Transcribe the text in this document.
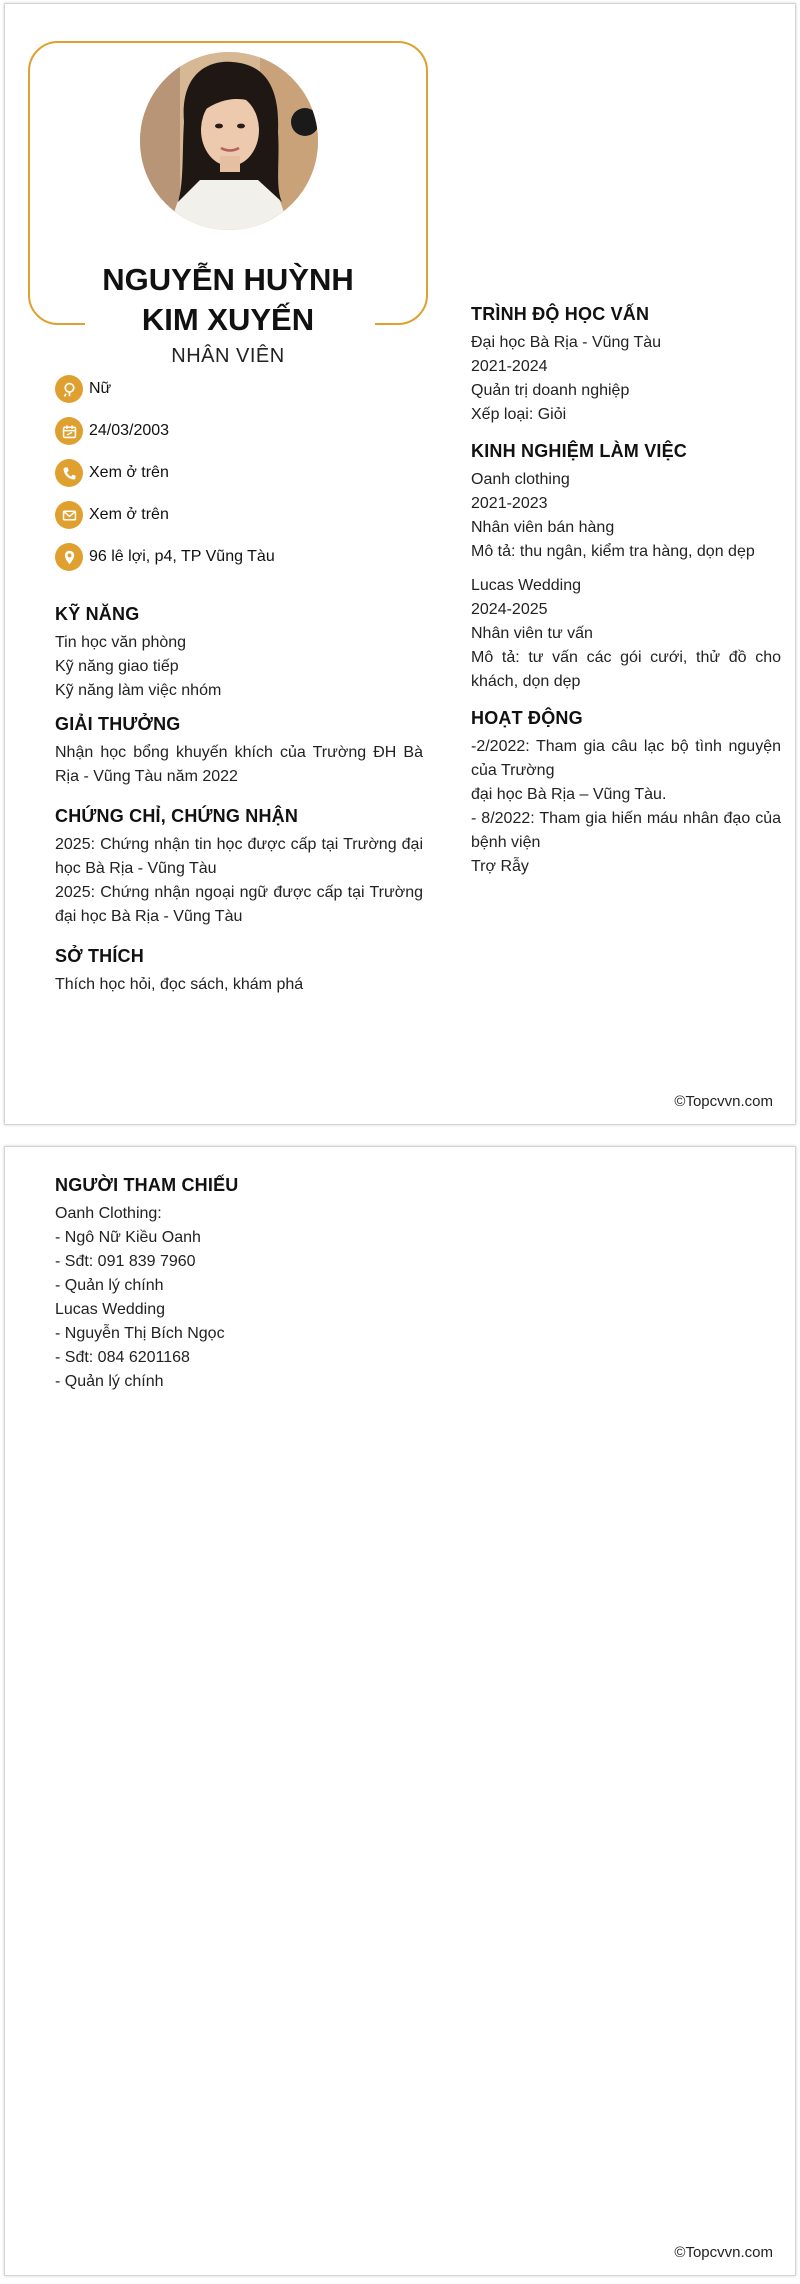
NGUYỄN HUỲNH
KIM XUYẾN
NHÂN VIÊN
Nữ
24/03/2003
Xem ở trên
Xem ở trên
96 lê lợi, p4, TP Vũng Tàu
KỸ NĂNG

Tin học văn phòng

Kỹ năng giao tiếp

Kỹ năng làm việc nhóm

GIẢI THƯỞNG

Nhận học bổng khuyến khích của Trường ĐH Bà Rịa - Vũng Tàu năm 2022

CHỨNG CHỈ, CHỨNG NHẬN

2025: Chứng nhận tin học được cấp tại Trường đại học Bà Rịa - Vũng Tàu

2025: Chứng nhận ngoại ngữ được cấp tại Trường đại học Bà Rịa - Vũng Tàu

SỞ THÍCH

Thích học hỏi, đọc sách, khám phá

TRÌNH ĐỘ HỌC VẤN

Đại học Bà Rịa - Vũng Tàu

2021-2024

Quản trị doanh nghiệp

Xếp loại: Giỏi

KINH NGHIỆM LÀM VIỆC

Oanh clothing

2021-2023

Nhân viên bán hàng

Mô tả: thu ngân, kiểm tra hàng, dọn dẹp

Lucas Wedding

2024-2025

Nhân viên tư vấn

Mô tả: tư vấn các gói cưới, thử đồ cho khách, dọn dẹp

HOẠT ĐỘNG

-2/2022: Tham gia câu lạc bộ tình nguyện của Trường

đại học Bà Rịa – Vũng Tàu.

- 8/2022: Tham gia hiến máu nhân đạo của bệnh viện

Trợ Rẫy

©Topcvvn.com
NGƯỜI THAM CHIẾU

Oanh Clothing:

- Ngô Nữ Kiều Oanh

- Sđt: 091 839 7960

- Quản lý chính

Lucas Wedding

- Nguyễn Thị Bích Ngọc

- Sđt: 084 6201168

- Quản lý chính

©Topcvvn.com
